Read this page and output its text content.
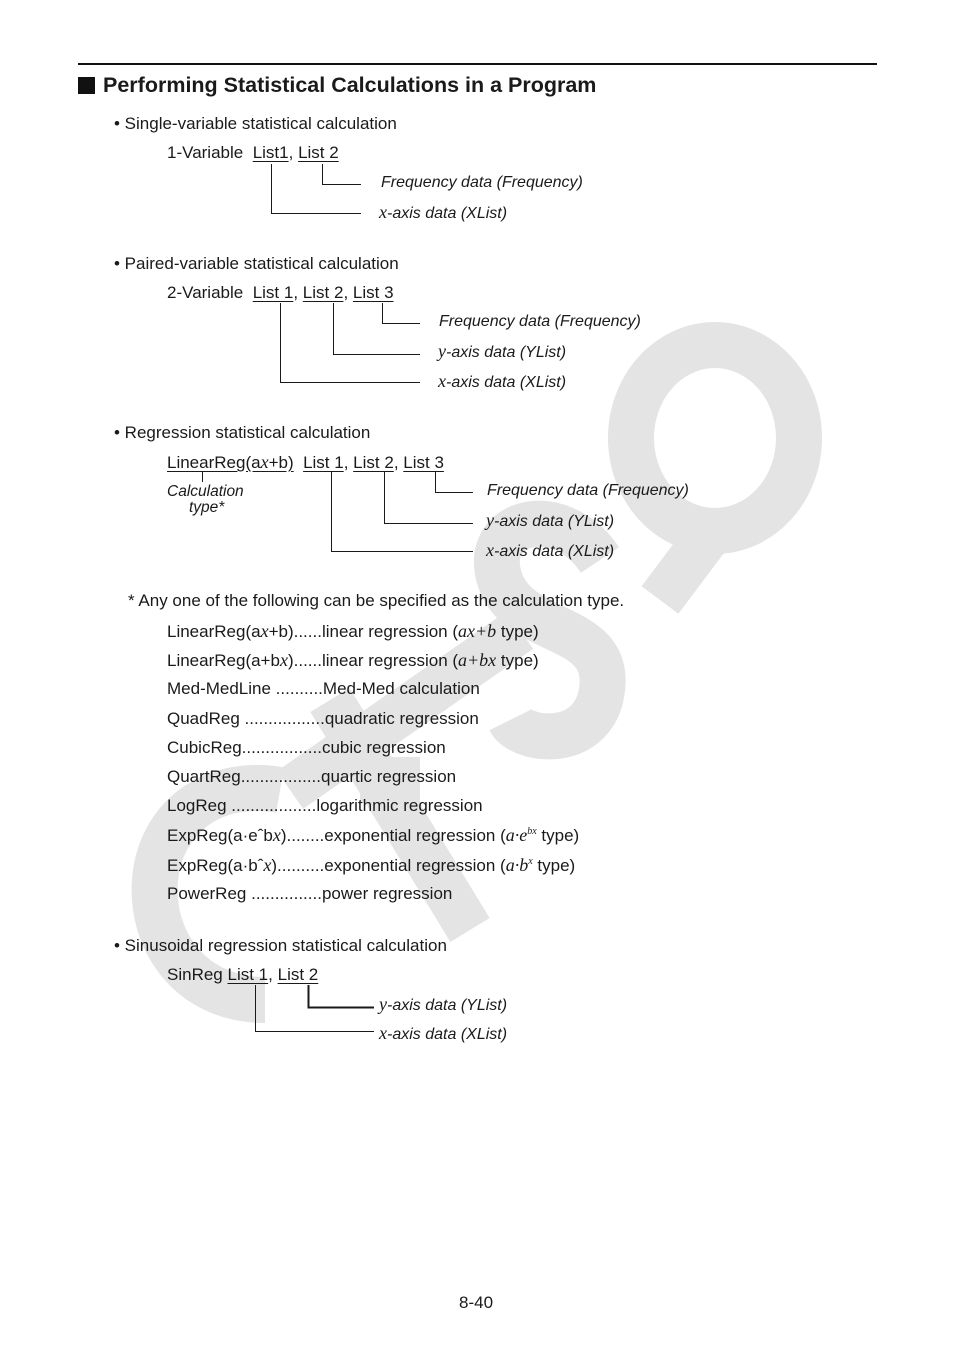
Performing Statistical Calculations in a Program
• Single-variable statistical calculation
1-Variable List1, List 2
Frequency data (Frequency)
x-axis data (XList)
• Paired-variable statistical calculation
2-Variable List 1, List 2, List 3
Frequency data (Frequency)
y-axis data (YList)
x-axis data (XList)
• Regression statistical calculation
LinearReg(ax+b) List 1, List 2, List 3
Calculation
type*
Frequency data (Frequency)
y-axis data (YList)
x-axis data (XList)
* Any one of the following can be specified as the calculation type.
LinearReg(ax+b)......linear regression (ax+b type)
LinearReg(a+bx)......linear regression (a+bx type)
Med-MedLine ..........Med-Med calculation
QuadReg .................quadratic regression
CubicReg.................cubic regression
QuartReg.................quartic regression
LogReg ..................logarithmic regression
ExpReg(a·eˆbx)........exponential regression ($a\cdot e^{bx}$ type)
ExpReg(a·bˆx)..........exponential regression ($a\cdot b^x$ type)
PowerReg ...............power regression
• Sinusoidal regression statistical calculation
SinReg List 1, List 2
y-axis data (YList)
x-axis data (XList)
8-40
